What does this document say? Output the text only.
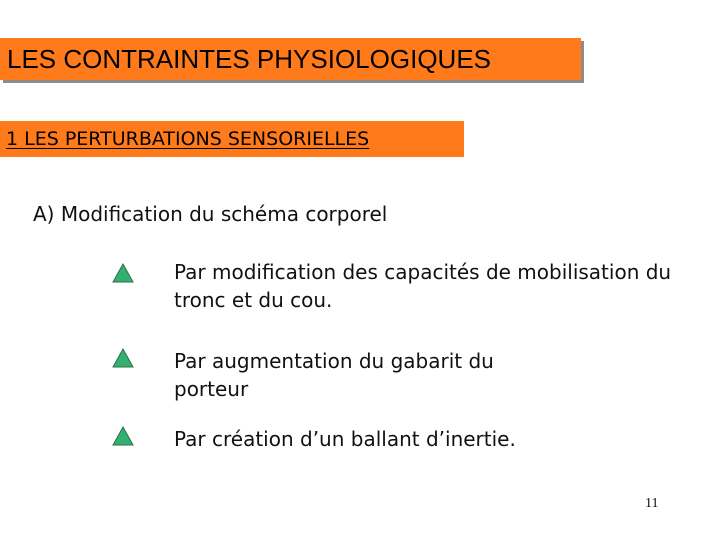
LES CONTRAINTES PHYSIOLOGIQUES
1 LES PERTURBATIONS SENSORIELLES
A) Modification du schéma corporel
Par modification des capacités de mobilisation du tronc et du cou.
Par augmentation du gabarit du porteur
Par création d’un ballant d’inertie.
11
